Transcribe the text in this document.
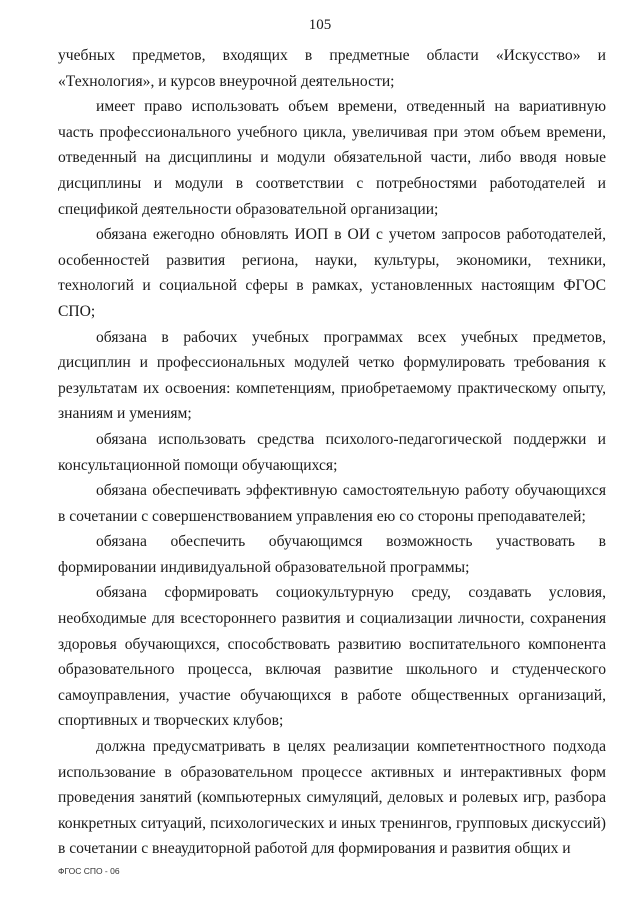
105

учебных предметов, входящих в предметные области «Искусство» и «Технология», и курсов внеурочной деятельности;

имеет право использовать объем времени, отведенный на вариативную часть профессионального учебного цикла, увеличивая при этом объем времени, отведенный на дисциплины и модули обязательной части, либо вводя новые дисциплины и модули в соответствии с потребностями работодателей и спецификой деятельности образовательной организации;

обязана ежегодно обновлять ИОП в ОИ с учетом запросов работодателей, особенностей развития региона, науки, культуры, экономики, техники, технологий и социальной сферы в рамках, установленных настоящим ФГОС СПО;

обязана в рабочих учебных программах всех учебных предметов, дисциплин и профессиональных модулей четко формулировать требования к результатам их освоения: компетенциям, приобретаемому практическому опыту, знаниям и умениям;

обязана использовать средства психолого-педагогической поддержки и консультационной помощи обучающихся;

обязана обеспечивать эффективную самостоятельную работу обучающихся в сочетании с совершенствованием управления ею со стороны преподавателей;

обязана обеспечить обучающимся возможность участвовать в формировании индивидуальной образовательной программы;

обязана сформировать социокультурную среду, создавать условия, необходимые для всестороннего развития и социализации личности, сохранения здоровья обучающихся, способствовать развитию воспитательного компонента образовательного процесса, включая развитие школьного и студенческого самоуправления, участие обучающихся в работе общественных организаций, спортивных и творческих клубов;

должна предусматривать в целях реализации компетентностного подхода использование в образовательном процессе активных и интерактивных форм проведения занятий (компьютерных симуляций, деловых и ролевых игр, разбора конкретных ситуаций, психологических и иных тренингов, групповых дискуссий) в сочетании с внеаудиторной работой для формирования и развития общих и

ФГОС СПО - 06
